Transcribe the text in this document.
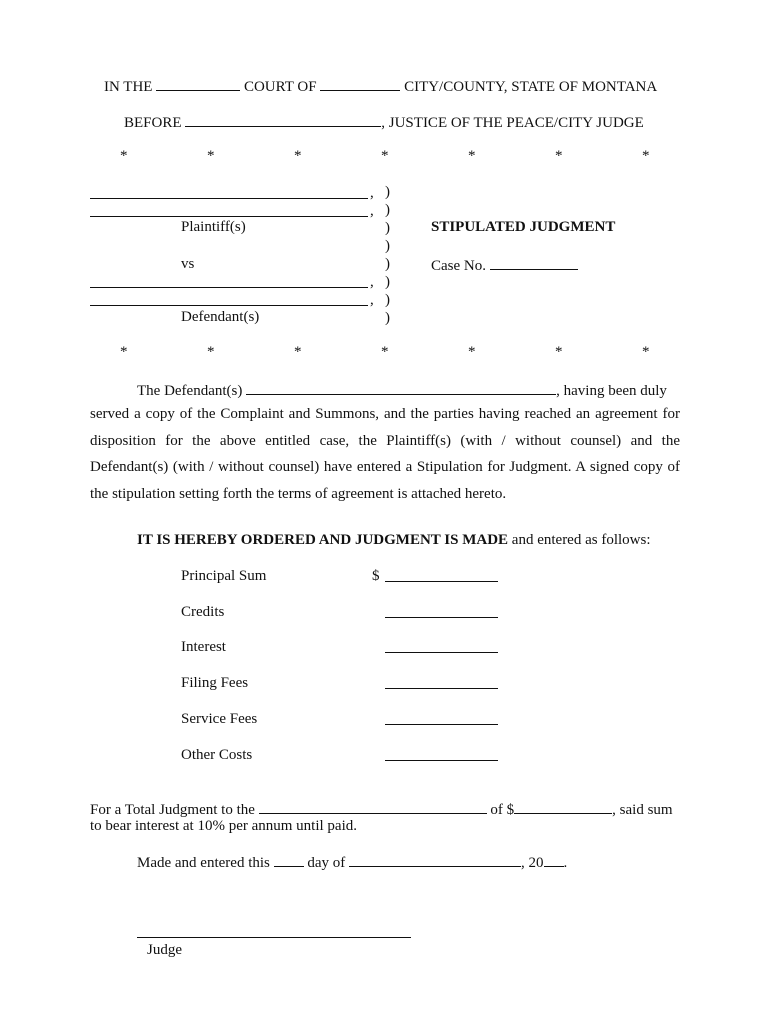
IN THE	COURT OF	CITY/COUNTY, STATE OF MONTANA
BEFORE	, JUSTICE OF THE PEACE/CITY JUDGE
*	*	*	*	*	*	*
,
,
Plaintiff(s)
vs
,
,
Defendant(s)
)
)
)
)
)
)
)
)
STIPULATED JUDGMENT
Case No.
*	*	*	*	*	*	*
The Defendant(s)	, having been duly
served a copy of the Complaint and Summons, and the parties having reached an agreement for
disposition for the above entitled case, the Plaintiff(s) (with / without counsel) and the
Defendant(s) (with / without counsel) have entered a Stipulation for Judgment. A signed copy of
the stipulation setting forth the terms of agreement is attached hereto.
IT IS HEREBY ORDERED AND JUDGMENT IS MADE and entered as follows:
Principal Sum	$
Credits
Interest
Filing Fees
Service Fees
Other Costs
For a Total Judgment to the	of $	, said sum
to bear interest at 10% per annum until paid.
Made and entered this	day of	, 20 .
Judge
